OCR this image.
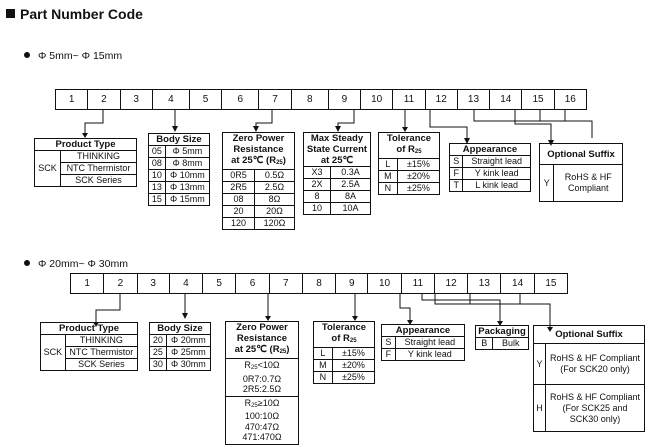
Part Number Code
Φ 5mm~ Φ 15mm
1	2	3	4	5	6	7	8	9	10	11	12	13	14	15	16
Product Type
SCK	THINKING
NTC Thermistor
SCK Series
Body Size	
05	Φ 5mm
08	Φ 8mm
10	Φ 10mm
13	Φ 13mm
15	Φ 15mm
Zero Power
Resistance
at 25℃ $(R_{25})$	

0R5	0.5Ω
2R5	2.5Ω
08	8Ω
20	20Ω
120	120Ω
Max Steady
State Current
at 25℃	

X3	0.3A
2X	2.5A
8	8A
10	10A
Tolerance
of $R_{25}$

L	±15%
M	±20%
N	±25%
Appearance	
S	Straight lead
F	Y kink lead
T	L kink lead
Optional Suffix
Y	
RoHS & HF
Compliant
Φ 20mm~ Φ 30mm
1	2	3	4	5	6	7	8	9	10	11	12	13	14	15
Product Type
SCK	THINKING
NTC Thermistor
SCK Series
Body Size	
20	Φ 20mm
25	Φ 25mm
30	Φ 30mm
Zero Power
Resistance
at 25℃ $(R_{25})$

$R_{25}<10\Omega$
0R7:0.7Ω
2R5:2.5Ω

$R_{25}\ge 10\Omega$
100:10Ω
470:47Ω
471:470Ω
Tolerance
of $R_{25}$

L	±15%
M	±20%
N	±25%
Appearance	
S	Straight lead
F	Y kink lead
Packaging
B	Bulk
Optional Suffix	
Y	RoHS & HF Compliant
(For SCK20 only)

H	RoHS & HF Compliant
(For SCK25 and
SCK30 only)
